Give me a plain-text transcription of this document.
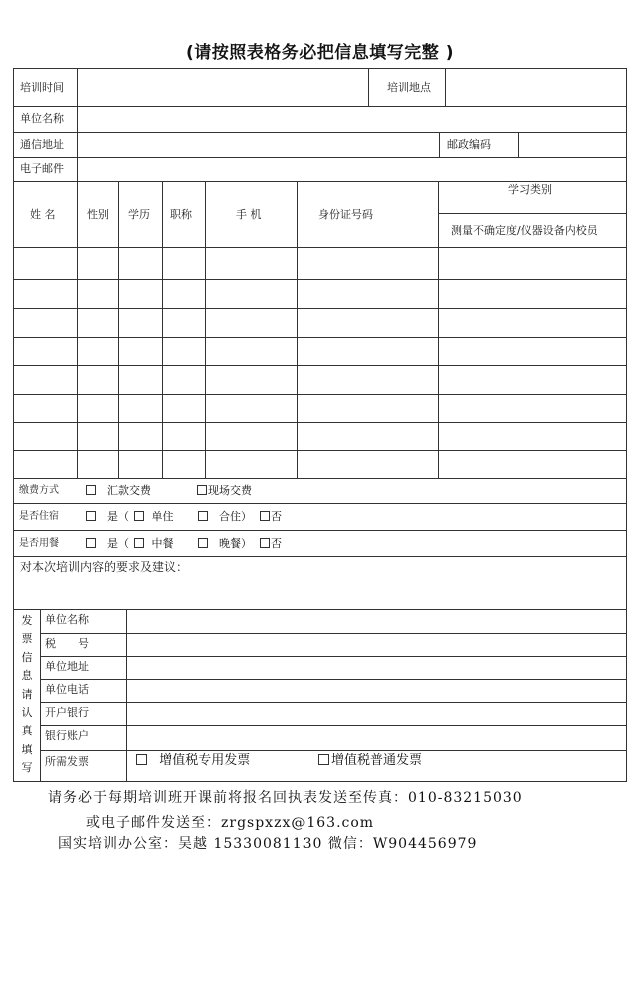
(请按照表格务必把信息填写完整 )
培训时间	培训地点
单位名称
通信地址	邮政编码
电子邮件
姓 名	性别 学历 职称	手 机	身份证号码
学习类别
测量不确定度/仪器设备内校员
缴费方式	汇款交费	现场交费
是否住宿	是（	单住	合住）	否
是否用餐	是（	中餐	晚餐）	否
对本次培训内容的要求及建议：
发
票
信
息
请
认
真
填
写
单位名称
税　　号
单位地址
单位电话
开户银行
银行账户
所需发票	增值税专用发票	增值税普通发票
请务必于每期培训班开课前将报名回执表发送至传真：010-83215030
或电子邮件发送至：zrgspxzx@163.com
国实培训办公室：吴越 15330081130 微信：W904456979
